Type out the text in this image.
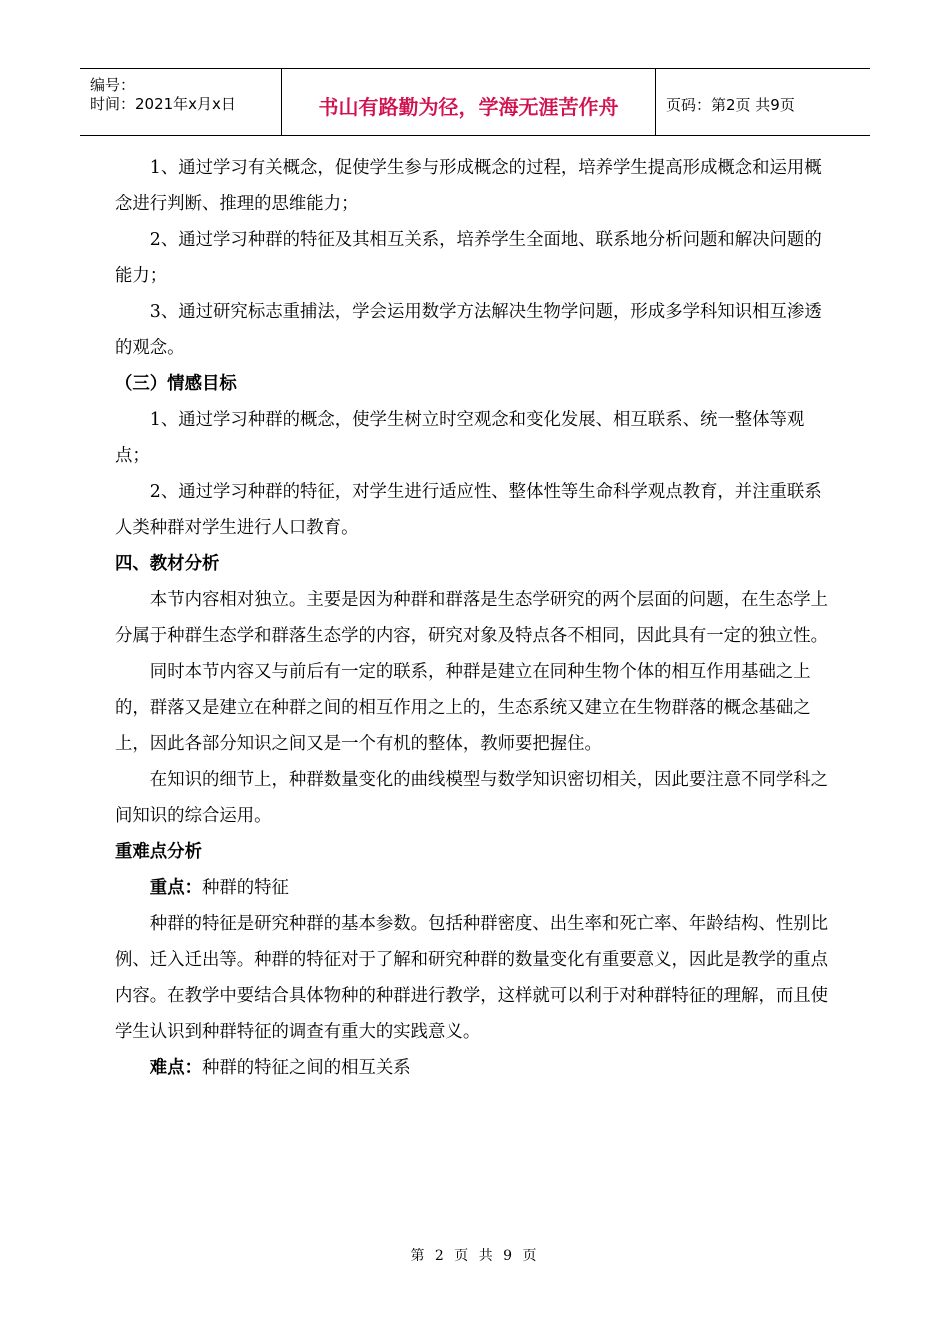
编号：
时间：2021年x月x日	书山有路勤为径，学海无涯苦作舟	页码：第2页 共9页

1、通过学习有关概念，促使学生参与形成概念的过程，培养学生提高形成概念和运用概念进行判断、推理的思维能力；

2、通过学习种群的特征及其相互关系，培养学生全面地、联系地分析问题和解决问题的能力；

3、通过研究标志重捕法，学会运用数学方法解决生物学问题，形成多学科知识相互渗透的观念。

（三）情感目标

1、通过学习种群的概念，使学生树立时空观念和变化发展、相互联系、统一整体等观点；

2、通过学习种群的特征，对学生进行适应性、整体性等生命科学观点教育，并注重联系人类种群对学生进行人口教育。

四、教材分析

本节内容相对独立。主要是因为种群和群落是生态学研究的两个层面的问题，在生态学上分属于种群生态学和群落生态学的内容，研究对象及特点各不相同，因此具有一定的独立性。

同时本节内容又与前后有一定的联系，种群是建立在同种生物个体的相互作用基础之上的，群落又是建立在种群之间的相互作用之上的，生态系统又建立在生物群落的概念基础之上，因此各部分知识之间又是一个有机的整体，教师要把握住。

在知识的细节上，种群数量变化的曲线模型与数学知识密切相关，因此要注意不同学科之间知识的综合运用。

重难点分析

重点：种群的特征

种群的特征是研究种群的基本参数。包括种群密度、出生率和死亡率、年龄结构、性别比例、迁入迁出等。种群的特征对于了解和研究种群的数量变化有重要意义，因此是教学的重点内容。在教学中要结合具体物种的种群进行教学，这样就可以利于对种群特征的理解，而且使学生认识到种群特征的调查有重大的实践意义。

难点：种群的特征之间的相互关系

第 2 页 共 9 页
